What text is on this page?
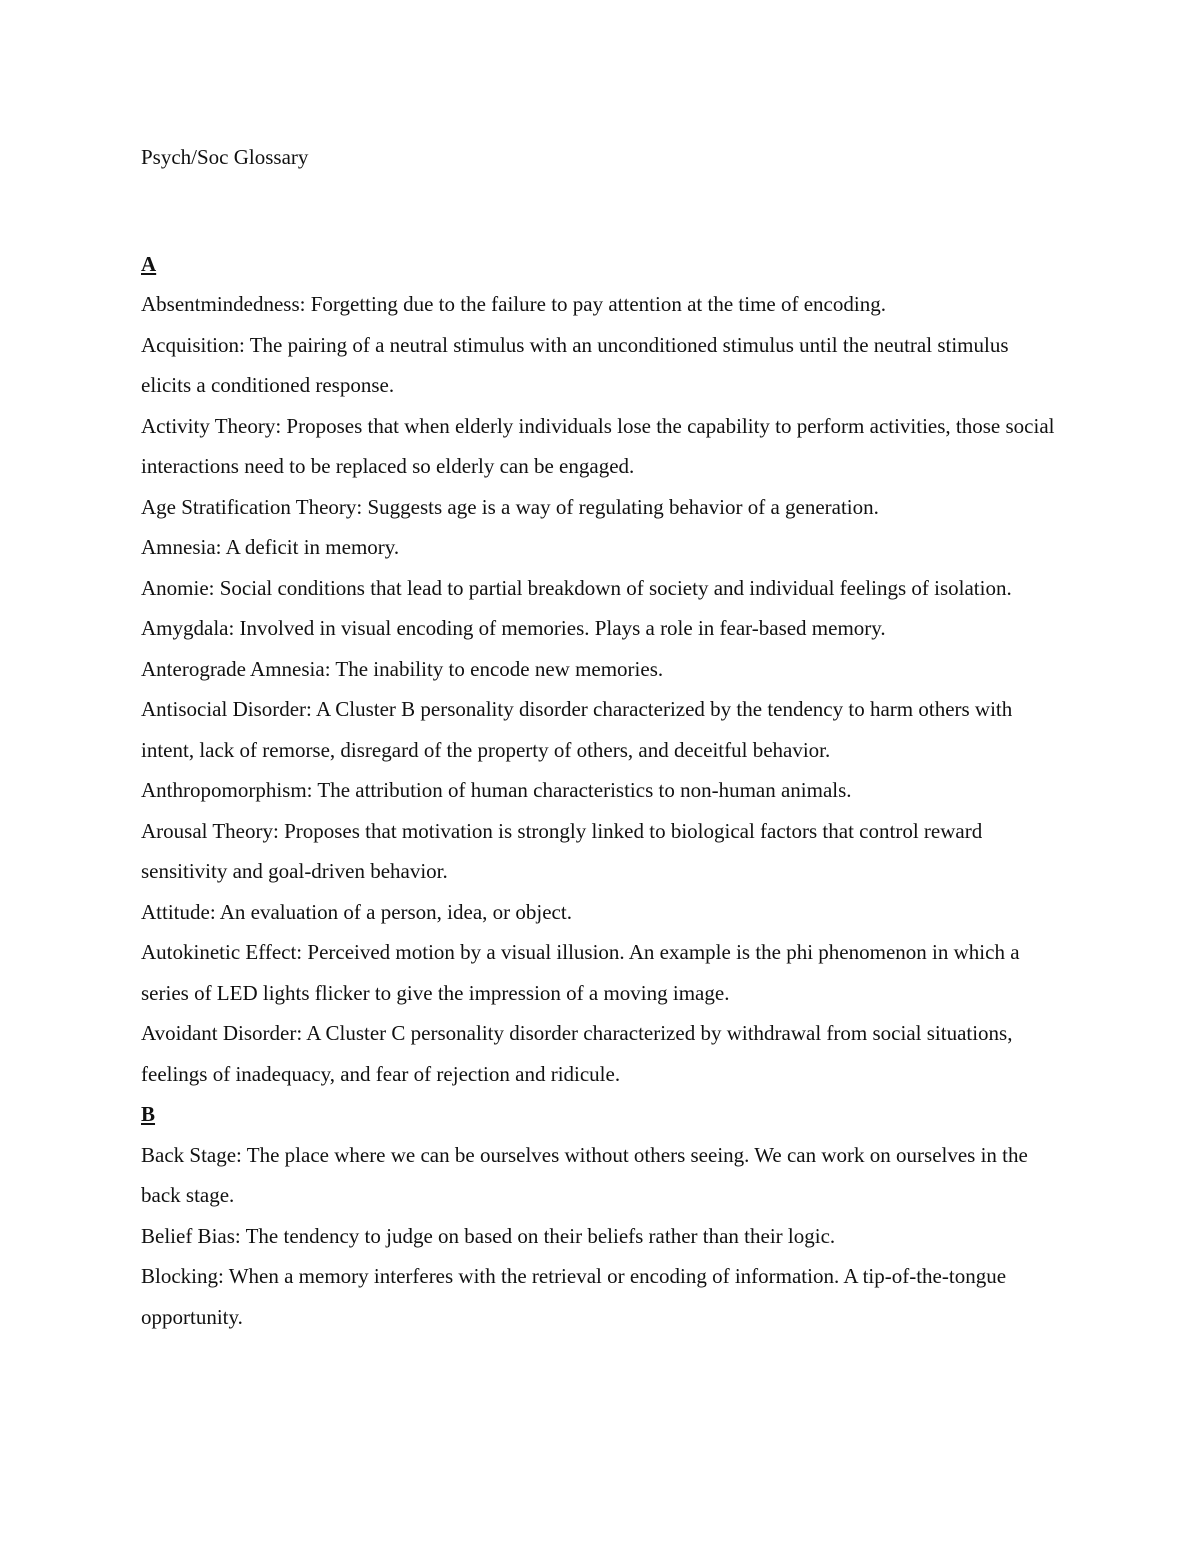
Psych/Soc Glossary

A

Absentmindedness: Forgetting due to the failure to pay attention at the time of encoding.

Acquisition: The pairing of a neutral stimulus with an unconditioned stimulus until the neutral stimulus elicits a conditioned response.

Activity Theory: Proposes that when elderly individuals lose the capability to perform activities, those social interactions need to be replaced so elderly can be engaged.

Age Stratification Theory: Suggests age is a way of regulating behavior of a generation.

Amnesia: A deficit in memory.

Anomie: Social conditions that lead to partial breakdown of society and individual feelings of isolation.

Amygdala: Involved in visual encoding of memories. Plays a role in fear-based memory.

Anterograde Amnesia: The inability to encode new memories.

Antisocial Disorder: A Cluster B personality disorder characterized by the tendency to harm others with intent, lack of remorse, disregard of the property of others, and deceitful behavior.

Anthropomorphism: The attribution of human characteristics to non-human animals.

Arousal Theory: Proposes that motivation is strongly linked to biological factors that control reward sensitivity and goal-driven behavior.

Attitude: An evaluation of a person, idea, or object.

Autokinetic Effect: Perceived motion by a visual illusion. An example is the phi phenomenon in which a series of LED lights flicker to give the impression of a moving image.

Avoidant Disorder: A Cluster C personality disorder characterized by withdrawal from social situations, feelings of inadequacy, and fear of rejection and ridicule.

B

Back Stage: The place where we can be ourselves without others seeing. We can work on ourselves in the back stage.

Belief Bias: The tendency to judge on based on their beliefs rather than their logic.

Blocking: When a memory interferes with the retrieval or encoding of information. A tip-of-the-tongue opportunity.
